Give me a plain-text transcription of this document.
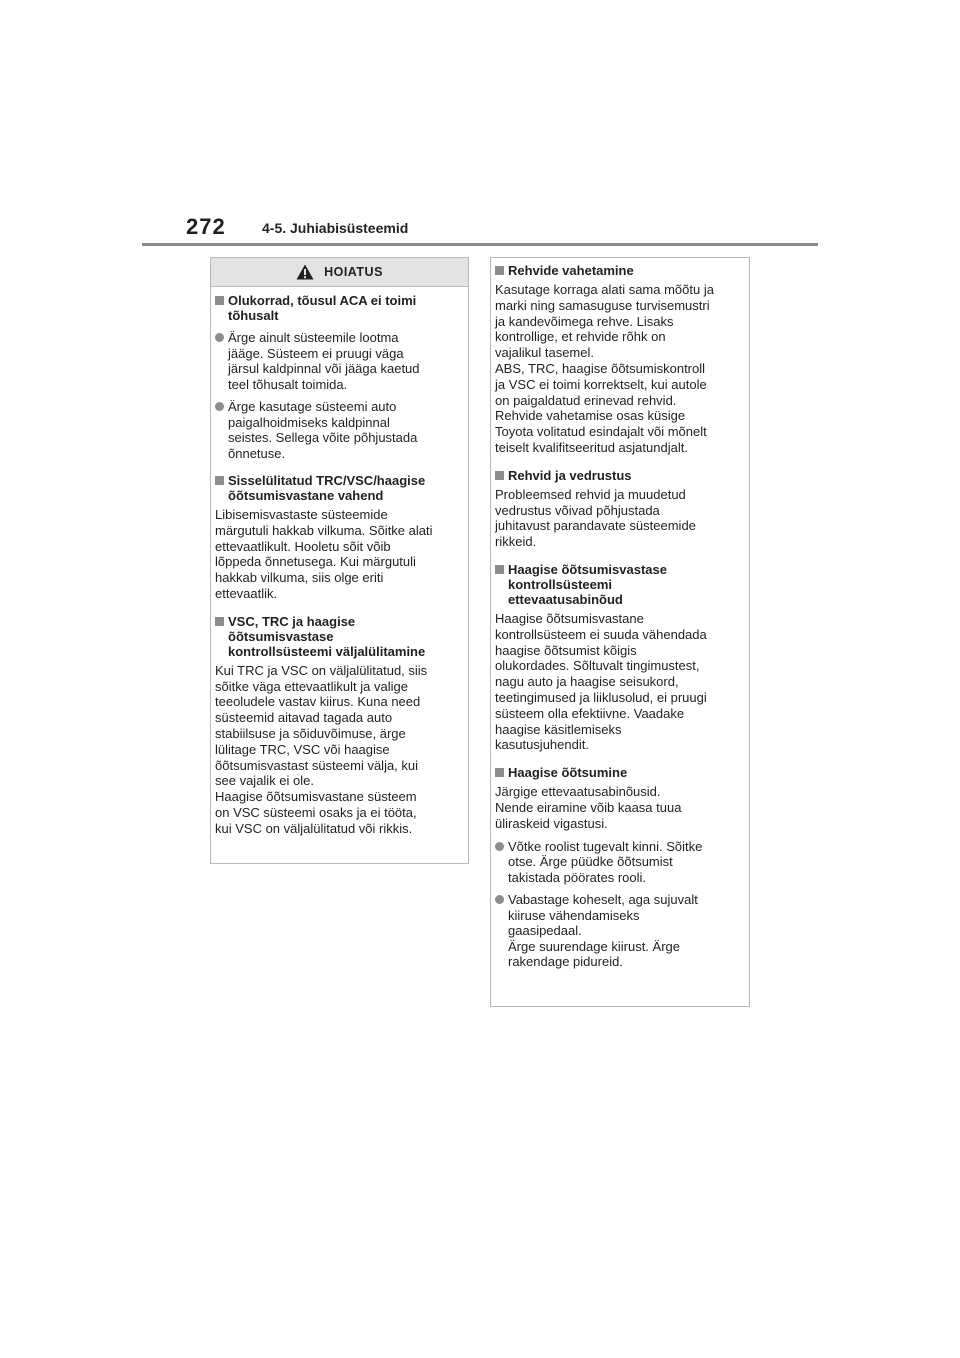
272	4-5. Juhiabisüsteemid
HOIATUS
Olukorrad, tõusul ACA ei toimi
tõhusalt
Ärge ainult süsteemile lootma
jääge. Süsteem ei pruugi väga
järsul kaldpinnal või jääga kaetud
teel tõhusalt toimida.
Ärge kasutage süsteemi auto
paigalhoidmiseks kaldpinnal
seistes. Sellega võite põhjustada
õnnetuse.
Sisselülitatud TRC/VSC/haagise
õõtsumisvastane vahend
Libisemisvastaste süsteemide
märgutuli hakkab vilkuma. Sõitke alati
ettevaatlikult. Hooletu sõit võib
lõppeda õnnetusega. Kui märgutuli
hakkab vilkuma, siis olge eriti
ettevaatlik.
VSC, TRC ja haagise
õõtsumisvastase
kontrollsüsteemi väljalülitamine
Kui TRC ja VSC on väljalülitatud, siis
sõitke väga ettevaatlikult ja valige
teeoludele vastav kiirus. Kuna need
süsteemid aitavad tagada auto
stabiilsuse ja sõiduvõimuse, ärge
lülitage TRC, VSC või haagise
õõtsumisvastast süsteemi välja, kui
see vajalik ei ole.
Haagise õõtsumisvastane süsteem
on VSC süsteemi osaks ja ei tööta,
kui VSC on väljalülitatud või rikkis.
Rehvide vahetamine
Kasutage korraga alati sama mõõtu ja
marki ning samasuguse turvisemustri
ja kandevõimega rehve. Lisaks
kontrollige, et rehvide rõhk on
vajalikul tasemel.
ABS, TRC, haagise õõtsumiskontroll
ja VSC ei toimi korrektselt, kui autole
on paigaldatud erinevad rehvid.
Rehvide vahetamise osas küsige
Toyota volitatud esindajalt või mõnelt
teiselt kvalifitseeritud asjatundjalt.
Rehvid ja vedrustus
Probleemsed rehvid ja muudetud
vedrustus võivad põhjustada
juhitavust parandavate süsteemide
rikkeid.
Haagise õõtsumisvastase
kontrollsüsteemi
ettevaatusabinõud
Haagise õõtsumisvastane
kontrollsüsteem ei suuda vähendada
haagise õõtsumist kõigis
olukordades. Sõltuvalt tingimustest,
nagu auto ja haagise seisukord,
teetingimused ja liiklusolud, ei pruugi
süsteem olla efektiivne. Vaadake
haagise käsitlemiseks
kasutusjuhendit.
Haagise õõtsumine
Järgige ettevaatusabinõusid.
Nende eiramine võib kaasa tuua
üliraskeid vigastusi.
Võtke roolist tugevalt kinni. Sõitke
otse. Ärge püüdke õõtsumist
takistada pöörates rooli.
Vabastage koheselt, aga sujuvalt
kiiruse vähendamiseks
gaasipedaal.
Ärge suurendage kiirust. Ärge
rakendage pidureid.
